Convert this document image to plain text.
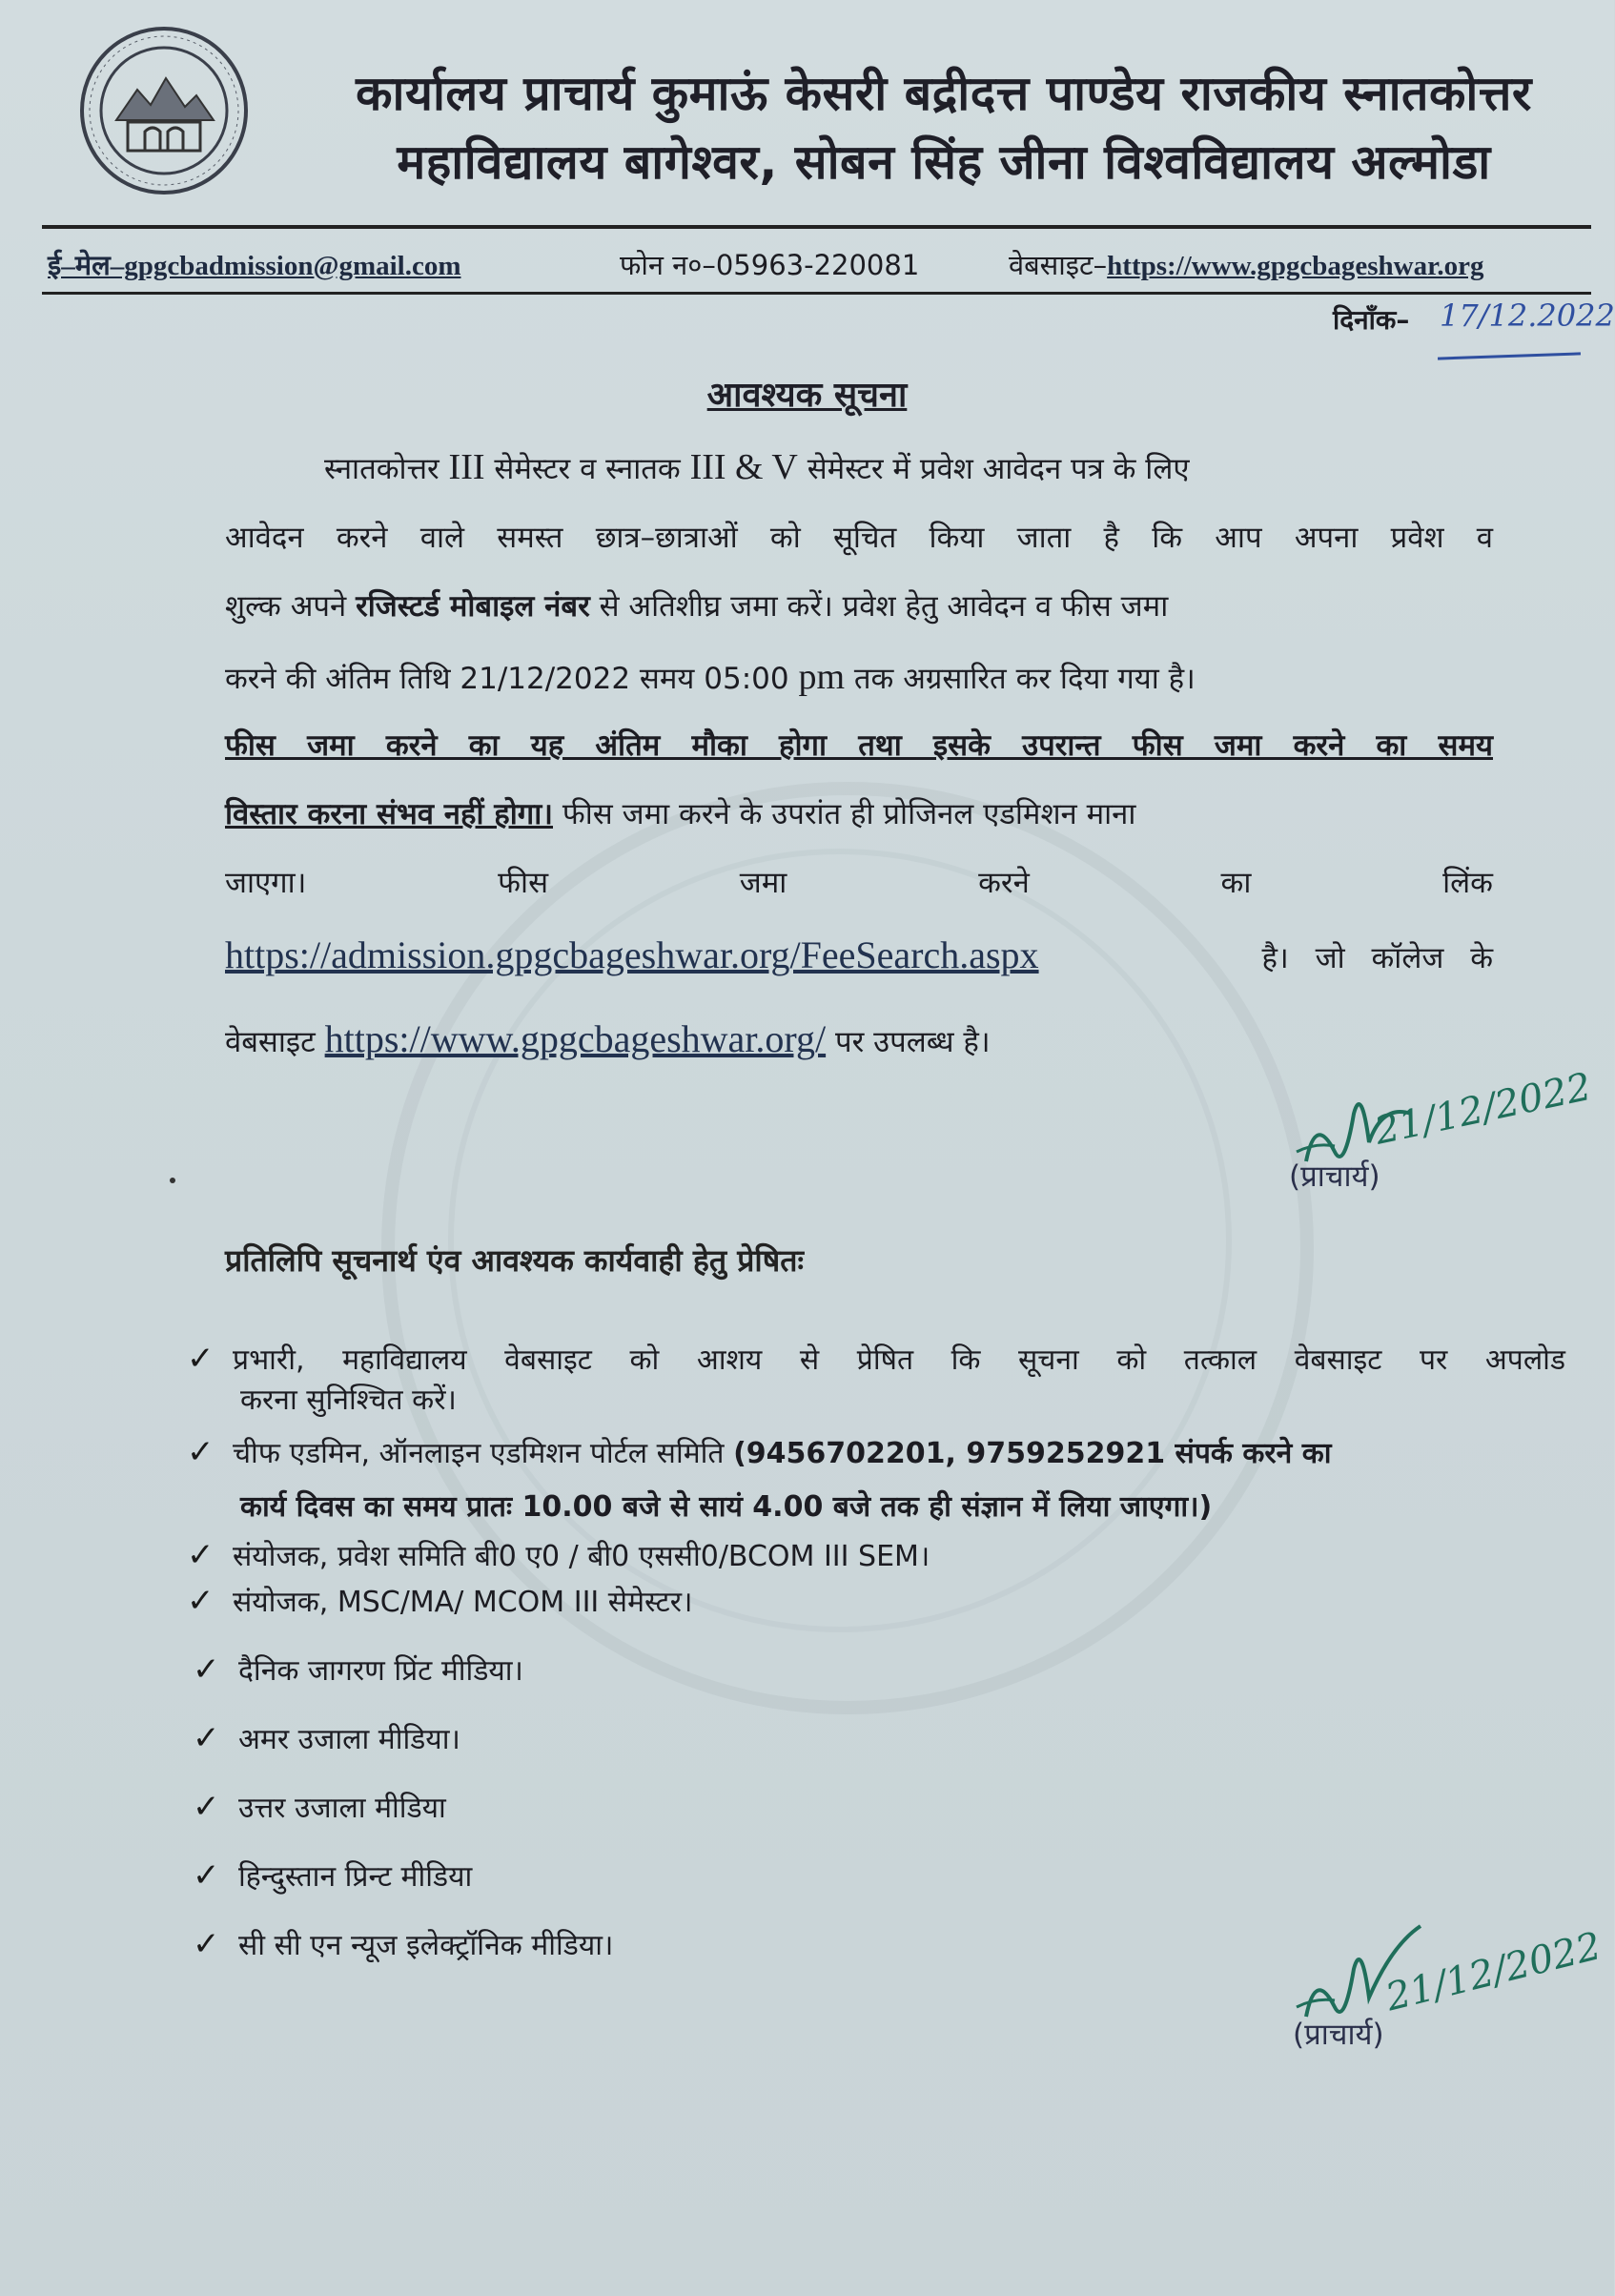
कार्यालय प्राचार्य कुमाऊं केसरी बद्रीदत्त पाण्डेय राजकीय स्नातकोत्तर
महाविद्यालय बागेश्वर, सोबन सिंह जीना विश्वविद्यालय अल्मोडा
ई–मेल–gpgcbadmission@gmail.com	फोन न०–05963-220081	वेबसाइट–https://www.gpgcbageshwar.org
दिनाँक– 17/12.2022
आवश्यक सूचना
स्नातकोत्तर III सेमेस्टर व स्नातक III & V सेमेस्टर में प्रवेश आवेदन पत्र के लिए
आवेदन करने वाले समस्त छात्र–छात्राओं को सूचित किया जाता है कि आप अपना प्रवेश व
शुल्क अपने रजिस्टर्ड मोबाइल नंबर से अतिशीघ्र जमा करें। प्रवेश हेतु आवेदन व फीस जमा
करने की अंतिम तिथि 21/12/2022 समय 05:00 pm तक अग्रसारित कर दिया गया है।
फीस जमा करने का यह अंतिम मौका होगा तथा इसके उपरान्त फीस जमा करने का समय
विस्तार करना संभव नहीं होगा। फीस जमा करने के उपरांत ही प्रोजिनल एडमिशन माना
जाएगा।	फीस	जमा	करने	का	लिंक
https://admission.gpgcbageshwar.org/FeeSearch.aspx	है। जो कॉलेज के
वेबसाइट https://www.gpgcbageshwar.org/ पर उपलब्ध है।
21/12/2022
(प्राचार्य)
प्रतिलिपि सूचनार्थ एंव आवश्यक कार्यवाही हेतु प्रेषितः
✓ प्रभारी, महाविद्यालय वेबसाइट को आशय से प्रेषित कि सूचना को तत्काल वेबसाइट पर अपलोड
करना सुनिश्चित करें।
✓ चीफ एडमिन, ऑनलाइन एडमिशन पोर्टल समिति (9456702201, 9759252921 संपर्क करने का
कार्य दिवस का समय प्रातः 10.00 बजे से सायं 4.00 बजे तक ही संज्ञान में लिया जाएगा।)
✓ संयोजक, प्रवेश समिति बी0 ए0 / बी0 एससी0/BCOM III SEM।
✓ संयोजक, MSC/MA/ MCOM III सेमेस्टर।
✓ दैनिक जागरण प्रिंट मीडिया।
✓ अमर उजाला मीडिया।
✓ उत्तर उजाला मीडिया
✓ हिन्दुस्तान प्रिन्ट मीडिया
✓ सी सी एन न्यूज इलेक्ट्रॉनिक मीडिया।	21/12/2022
(प्राचार्य)
